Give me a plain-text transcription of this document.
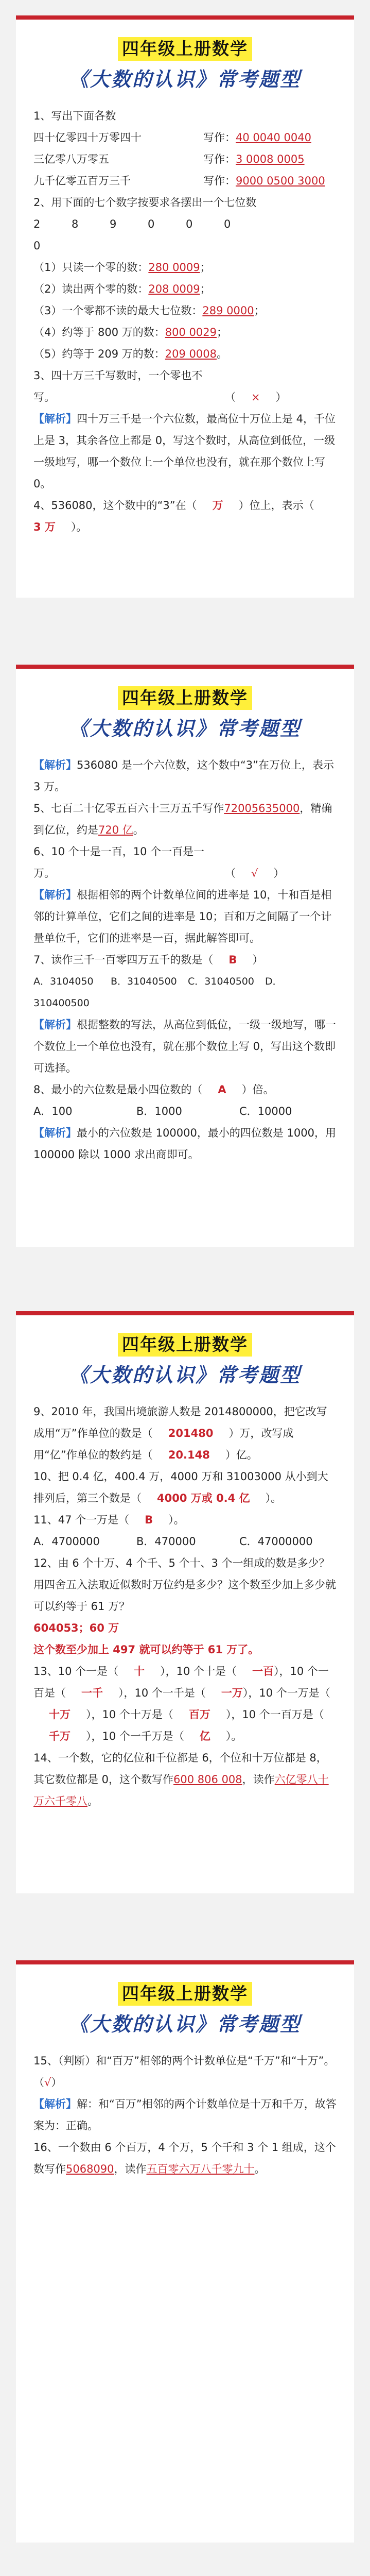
四年级上册数学
《大数的认识》常考题型
1、写出下面各数
四十亿零四十万零四十	写作：40 0040 0040
三亿零八万零五	写作：3 0008 0005
九千亿零五百万三千	写作：9000 0500 3000
2、用下面的七个数字按要求各摆出一个七位数
2	8	9	0	0	0
0
（1）只读一个零的数：280 0009；
（2）读出两个零的数：208 0009；
（3）一个零都不读的最大七位数：289 0000；
（4）约等于 800 万的数：800 0029；
（5）约等于 209 万的数：209 0008。
3、四十万三千写数时，一个零也不
写。	（ × ）
【解析】四十万三千是一个六位数，最高位十万位上是 4，千位上是 3，其余各位上都是 0，写这个数时，从高位到低位，一级一级地写，哪一个数位上一个单位也没有，就在那个数位上写 0。
4、536080，这个数中的“3”在（ 万 ）位上，表示（3 万 ）。
四年级上册数学
《大数的认识》常考题型
【解析】536080 是一个六位数，这个数中“3”在万位上，表示 3 万。
5、七百二十亿零五百六十三万五千写作72005635000，精确到亿位，约是720 亿。
6、10 个十是一百，10 个一百是一
万。	（ √ ）
【解析】根据相邻的两个计数单位间的进率是 10，十和百是相邻的计算单位，它们之间的进率是 10；百和万之间隔了一个计量单位千，它们的进率是一百，据此解答即可。
7、读作三千一百零四万五千的数是（ B ）
A．3104050 B．31040500 C．31040500 D．310400500
【解析】根据整数的写法，从高位到低位，一级一级地写，哪一个数位上一个单位也没有，就在那个数位上写 0，写出这个数即可选择。
8、最小的六位数是最小四位数的（ A ）倍。
A．100	B．1000	C．10000
【解析】最小的六位数是 100000，最小的四位数是 1000，用 100000 除以 1000 求出商即可。
四年级上册数学
《大数的认识》常考题型
9、2010 年，我国出境旅游人数是 2014800000，把它改写成用“万”作单位的数是（ 201480 ）万，改写成用“亿”作单位的数约是（ 20.148 ）亿。
10、把 0.4 亿，400.4 万，4000 万和 31003000 从小到大排列后，第三个数是（ 4000 万或 0.4 亿 ）。
11、47 个一万是（ B ）。
A．4700000	B．470000	C．47000000
12、由 6 个十万、4 个千、5 个十、3 个一组成的数是多少？用四舍五入法取近似数时万位约是多少？这个数至少加上多少就可以约等于 61 万？
604053；60 万
这个数至少加上 497 就可以约等于 61 万了。
13、10 个一是（ 十 ），10 个十是（ 一百），10 个一百是（ 一千 ），10 个一千是（ 一万），10 个一万是（十万 ），10 个十万是（ 百万 ），10 个一百万是（千万 ），10 个一千万是（ 亿 ）。
14、一个数，它的亿位和千位都是 6，个位和十万位都是 8，其它数位都是 0，这个数写作600 806 008，读作六亿零八十万六千零八。
四年级上册数学
《大数的认识》常考题型
15、（判断）和“百万”相邻的两个计数单位是“千万”和“十万”。（√）
【解析】解：和“百万”相邻的两个计数单位是十万和千万，故答案为：正确。
16、一个数由 6 个百万，4 个万，5 个千和 3 个 1 组成，这个数写作5068090，读作五百零六万八千零九十。
